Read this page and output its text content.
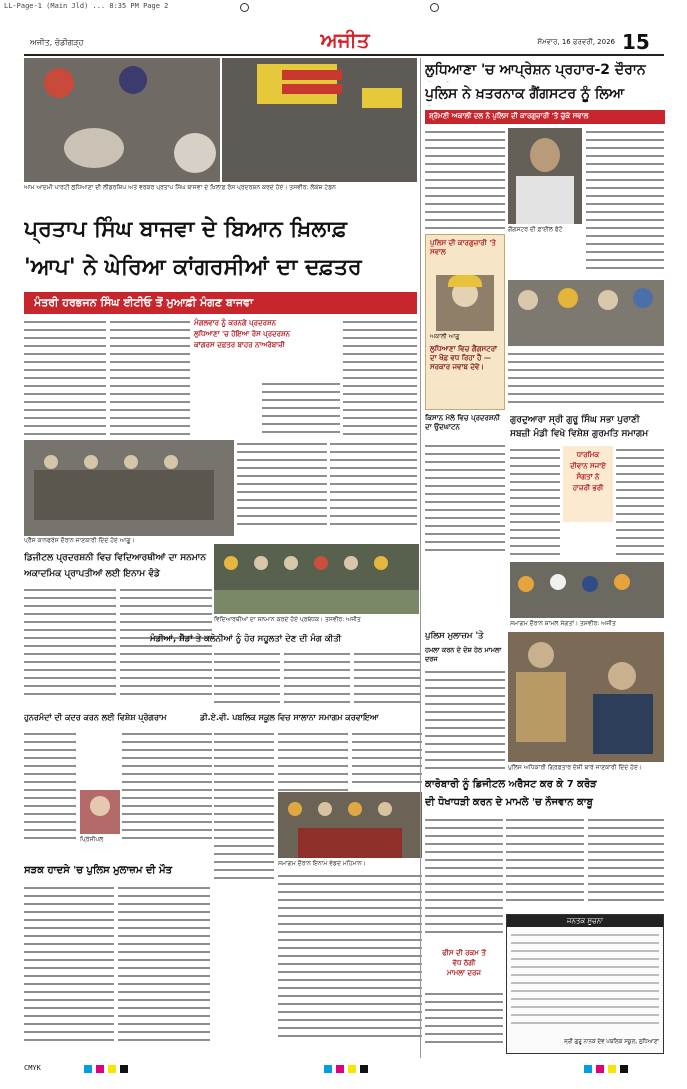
LL-Page-1 (Main Jld) ... 8:35 PM Page 2
ਅਜੀਤ, ਚੰਡੀਗੜ੍ਹ	ਅਜੀਤ	ਸੋਮਵਾਰ, 16 ਫਰਵਰੀ, 2026 15
ਆਮ ਆਦਮੀ ਪਾਰਟੀ ਲੁਧਿਆਣਾ ਦੀ ਲੀਡਰਸ਼ਿਪ ਅਤੇ ਵਰਕਰ ਪ੍ਰਤਾਪ ਸਿੰਘ ਬਾਜਵਾ ਦੇ ਖ਼ਿਲਾਫ਼ ਰੋਸ ਪ੍ਰਦਰਸ਼ਨ ਕਰਦੇ ਹੋਏ। ਤਸਵੀਰ: ਲੋਕੇਸ਼ ਟੰਡਨ
ਪ੍ਰਤਾਪ ਸਿੰਘ ਬਾਜਵਾ ਦੇ ਬਿਆਨ ਖ਼ਿਲਾਫ਼
'ਆਪ' ਨੇ ਘੇਰਿਆ ਕਾਂਗਰਸੀਆਂ ਦਾ ਦਫ਼ਤਰ
ਮੰਤਰੀ ਹਰਭਜਨ ਸਿੰਘ ਈਟੀਓ ਤੋਂ ਮੁਆਫ਼ੀ ਮੰਗਣ ਬਾਜਵਾ
ਮੰਗਲਵਾਰ ਨੂੰ ਕਰਨਗੇ ਪ੍ਰਦਰਸ਼ਨ
ਲੁਧਿਆਣਾ 'ਚ ਹੋਇਆ ਰੋਸ ਪ੍ਰਦਰਸ਼ਨ
ਕਾਂਗਰਸ ਦਫ਼ਤਰ ਬਾਹਰ ਨਾਅਰੇਬਾਜ਼ੀ
ਪ੍ਰੈੱਸ ਕਾਨਫਰੰਸ ਦੌਰਾਨ ਜਾਣਕਾਰੀ ਦਿੰਦੇ ਹੋਏ ਆਗੂ।
ਲੁਧਿਆਣਾ 'ਚ ਆਪ੍ਰੇਸ਼ਨ ਪ੍ਰਹਾਰ-2 ਦੌਰਾਨ
ਪੁਲਿਸ ਨੇ ਖ਼ਤਰਨਾਕ ਗੈਂਗਸਟਰ ਨੂੰ ਲਿਆ
ਸ਼੍ਰੋਮਣੀ ਅਕਾਲੀ ਦਲ ਨੇ ਪੁਲਿਸ ਦੀ ਕਾਰਗੁਜ਼ਾਰੀ 'ਤੇ ਚੁੱਕੇ ਸਵਾਲ
ਗੈਂਗਸਟਰ ਦੀ ਫ਼ਾਈਲ ਫੋਟੋ
ਪੁਲਿਸ ਦੀ ਕਾਰਗੁਜ਼ਾਰੀ 'ਤੇ ਸਵਾਲ
ਅਕਾਲੀ ਆਗੂ
ਲੁਧਿਆਣਾ ਵਿਚ ਗੈਂਗਸਟਰਾਂ ਦਾ ਖੌਫ਼ ਵਧ ਰਿਹਾ ਹੈ — ਸਰਕਾਰ ਜਵਾਬ ਦੇਵੇ।
ਕਿਸਾਨ ਮੇਲੇ ਵਿਚ ਪ੍ਰਦਰਸ਼ਨੀ ਦਾ ਉਦਘਾਟਨ
ਗੁਰਦੁਆਰਾ ਸ੍ਰੀ ਗੁਰੂ ਸਿੰਘ ਸਭਾ ਪੁਰਾਣੀ
ਸਬਜ਼ੀ ਮੰਡੀ ਵਿਖੇ ਵਿਸ਼ੇਸ਼ ਗੁਰਮਤਿ ਸਮਾਗਮ
ਧਾਰਮਿਕ
ਦੀਵਾਨ ਸਜਾਏ
ਸੰਗਤਾਂ ਨੇ
ਹਾਜ਼ਰੀ ਭਰੀ
ਸਮਾਗਮ ਦੌਰਾਨ ਸ਼ਾਮਲ ਸੰਗਤਾਂ। ਤਸਵੀਰ: ਅਜੀਤ
ਡਿਜੀਟਲ ਪ੍ਰਦਰਸ਼ਨੀ ਵਿਚ ਵਿਦਿਆਰਥੀਆਂ ਦਾ ਸਨਮਾਨ
ਅਕਾਦਮਿਕ ਪ੍ਰਾਪਤੀਆਂ ਲਈ ਇਨਾਮ ਵੰਡੇ
ਵਿਦਿਆਰਥੀਆਂ ਦਾ ਸਨਮਾਨ ਕਰਦੇ ਹੋਏ ਪ੍ਰਬੰਧਕ। ਤਸਵੀਰ: ਅਜੀਤ
ਮੰਡੀਆਂ, ਸ਼ੈੱਡਾਂ ਤੇ ਕਲੋਨੀਆਂ ਨੂੰ ਹੋਰ ਸਹੂਲਤਾਂ ਦੇਣ ਦੀ ਮੰਗ ਕੀਤੀ	ਪੁਲਿਸ ਮੁਲਾਜ਼ਮ 'ਤੇ
ਹਮਲਾ ਕਰਨ ਦੇ ਦੋਸ਼ ਹੇਠ ਮਾਮਲਾ ਦਰਜ
ਪੁਲਿਸ ਅਧਿਕਾਰੀ ਗ੍ਰਿਫ਼ਤਾਰ ਦੋਸ਼ੀ ਬਾਰੇ ਜਾਣਕਾਰੀ ਦਿੰਦੇ ਹੋਏ।
ਹੁਨਰਮੰਦਾਂ ਦੀ ਕਦਰ ਕਰਨ ਲਈ ਵਿਸ਼ੇਸ਼ ਪ੍ਰੋਗਰਾਮ
ਪ੍ਰਿੰਸੀਪਲ
ਡੀ.ਏ.ਵੀ. ਪਬਲਿਕ ਸਕੂਲ ਵਿਚ ਸਾਲਾਨਾ ਸਮਾਗਮ ਕਰਵਾਇਆ
ਸਮਾਗਮ ਦੌਰਾਨ ਇਨਾਮ ਵੰਡਦੇ ਮਹਿਮਾਨ।
ਸੜਕ ਹਾਦਸੇ 'ਚ ਪੁਲਿਸ ਮੁਲਾਜ਼ਮ ਦੀ ਮੌਤ
ਕਾਰੋਬਾਰੀ ਨੂੰ ਡਿਜੀਟਲ ਅਰੈਸਟ ਕਰ ਕੇ 7 ਕਰੋੜ
ਦੀ ਧੋਖਾਧੜੀ ਕਰਨ ਦੇ ਮਾਮਲੇ 'ਚ ਨੌਜਵਾਨ ਕਾਬੂ
ਫੀਸ ਦੀ ਰਕਮ ਤੋਂ
ਵੱਧ ਠੱਗੀ
ਮਾਮਲਾ ਦਰਜ
ਜਨਤਕ ਸੂਚਨਾ
ਸ੍ਰੀ ਗੁਰੂ ਨਾਨਕ ਦੇਵ ਪਬਲਿਕ ਸਕੂਲ, ਲੁਧਿਆਣਾ
CMYK
